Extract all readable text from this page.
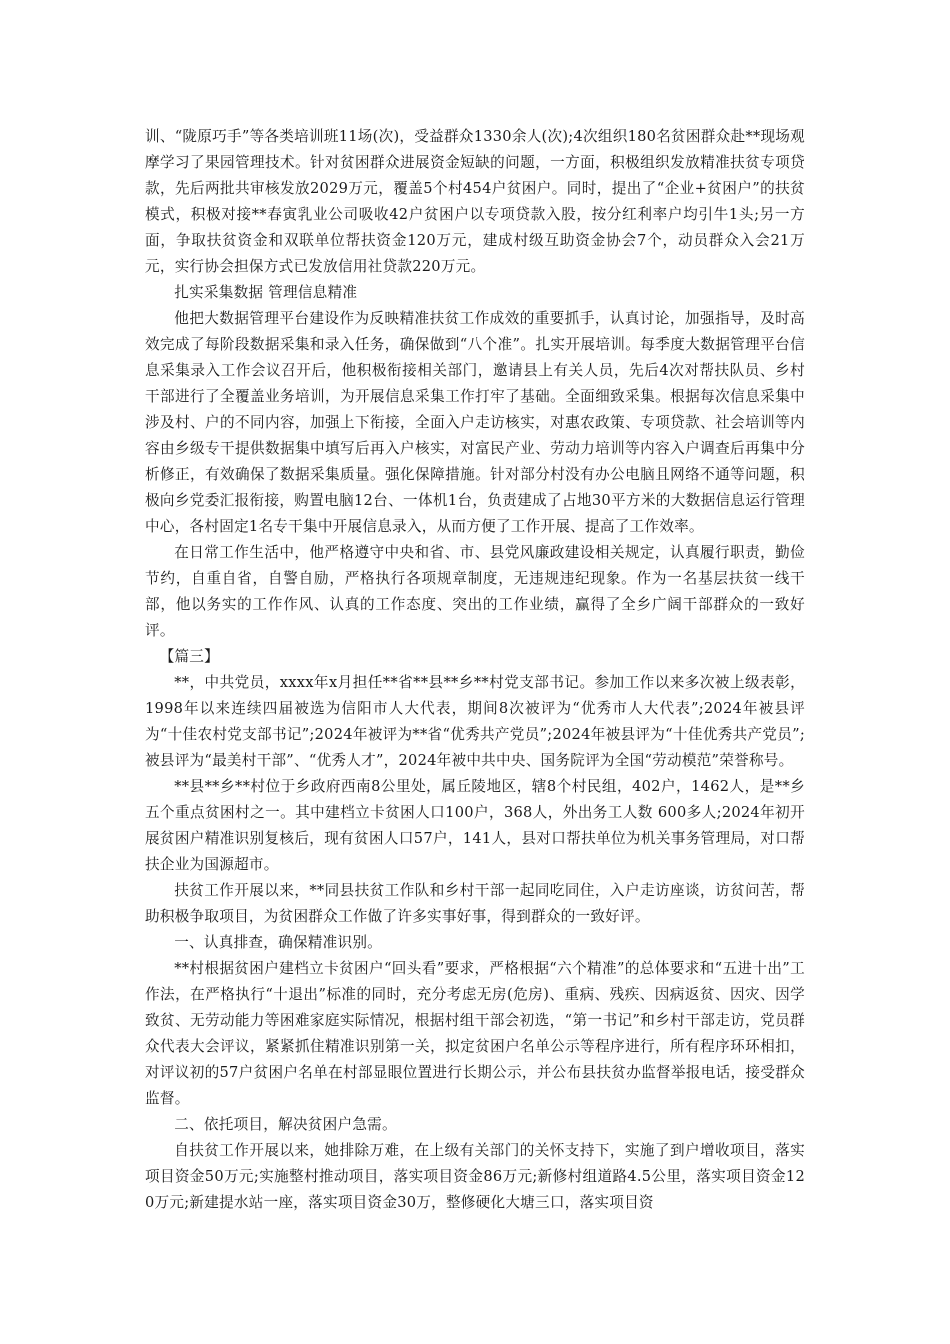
训、“陇原巧手”等各类培训班11场(次)，受益群众1330余人(次);4次组织180名贫困群众赴**现场观摩学习了果园管理技术。针对贫困群众进展资金短缺的问题，一方面，积极组织发放精准扶贫专项贷款，先后两批共审核发放2029万元，覆盖5个村454户贫困户。同时，提出了“企业+贫困户”的扶贫模式，积极对接**春寅乳业公司吸收42户贫困户以专项贷款入股，按分红利率户均引牛1头;另一方面，争取扶贫资金和双联单位帮扶资金120万元，建成村级互助资金协会7个，动员群众入会21万元，实行协会担保方式已发放信用社贷款220万元。

扎实采集数据 管理信息精准

他把大数据管理平台建设作为反映精准扶贫工作成效的重要抓手，认真讨论，加强指导，及时高效完成了每阶段数据采集和录入任务，确保做到“八个准”。扎实开展培训。每季度大数据管理平台信息采集录入工作会议召开后，他积极衔接相关部门，邀请县上有关人员，先后4次对帮扶队员、乡村干部进行了全覆盖业务培训，为开展信息采集工作打牢了基础。全面细致采集。根据每次信息采集中涉及村、户的不同内容，加强上下衔接，全面入户走访核实，对惠农政策、专项贷款、社会培训等内容由乡级专干提供数据集中填写后再入户核实，对富民产业、劳动力培训等内容入户调查后再集中分析修正，有效确保了数据采集质量。强化保障措施。针对部分村没有办公电脑且网络不通等问题，积极向乡党委汇报衔接，购置电脑12台、一体机1台，负责建成了占地30平方米的大数据信息运行管理中心，各村固定1名专干集中开展信息录入，从而方便了工作开展、提高了工作效率。

在日常工作生活中，他严格遵守中央和省、市、县党风廉政建设相关规定，认真履行职责，勤俭节约，自重自省，自警自励，严格执行各项规章制度，无违规违纪现象。作为一名基层扶贫一线干部，他以务实的工作作风、认真的工作态度、突出的工作业绩，赢得了全乡广阔干部群众的一致好评。

【篇三】

**，中共党员，xxxx年x月担任**省**县**乡**村党支部书记。参加工作以来多次被上级表彰，1998年以来连续四届被选为信阳市人大代表，期间8次被评为“优秀市人大代表”;2024年被县评为“十佳农村党支部书记”;2024年被评为**省“优秀共产党员”;2024年被县评为“十佳优秀共产党员”;被县评为“最美村干部”、“优秀人才”，2024年被中共中央、国务院评为全国“劳动模范”荣誉称号。

**县**乡**村位于乡政府西南8公里处，属丘陵地区，辖8个村民组，402户，1462人，是**乡五个重点贫困村之一。其中建档立卡贫困人口100户，368人，外出务工人数 600多人;2024年初开展贫困户精准识别复核后，现有贫困人口57户，141人，县对口帮扶单位为机关事务管理局，对口帮扶企业为国源超市。

扶贫工作开展以来，**同县扶贫工作队和乡村干部一起同吃同住，入户走访座谈，访贫问苦，帮助积极争取项目，为贫困群众工作做了许多实事好事，得到群众的一致好评。

一、认真排查，确保精准识别。

**村根据贫困户建档立卡贫困户“回头看”要求，严格根据“六个精准”的总体要求和“五进十出”工作法，在严格执行“十退出”标准的同时，充分考虑无房(危房)、重病、残疾、因病返贫、因灾、因学致贫、无劳动能力等困难家庭实际情况，根据村组干部会初选，“第一书记”和乡村干部走访，党员群众代表大会评议，紧紧抓住精准识别第一关，拟定贫困户名单公示等程序进行，所有程序环环相扣，对评议初的57户贫困户名单在村部显眼位置进行长期公示，并公布县扶贫办监督举报电话，接受群众监督。

二、依托项目，解决贫困户急需。

自扶贫工作开展以来，她排除万难，在上级有关部门的关怀支持下，实施了到户增收项目，落实项目资金50万元;实施整村推动项目，落实项目资金86万元;新修村组道路4.5公里，落实项目资金120万元;新建提水站一座，落实项目资金30万，整修硬化大塘三口，落实项目资
